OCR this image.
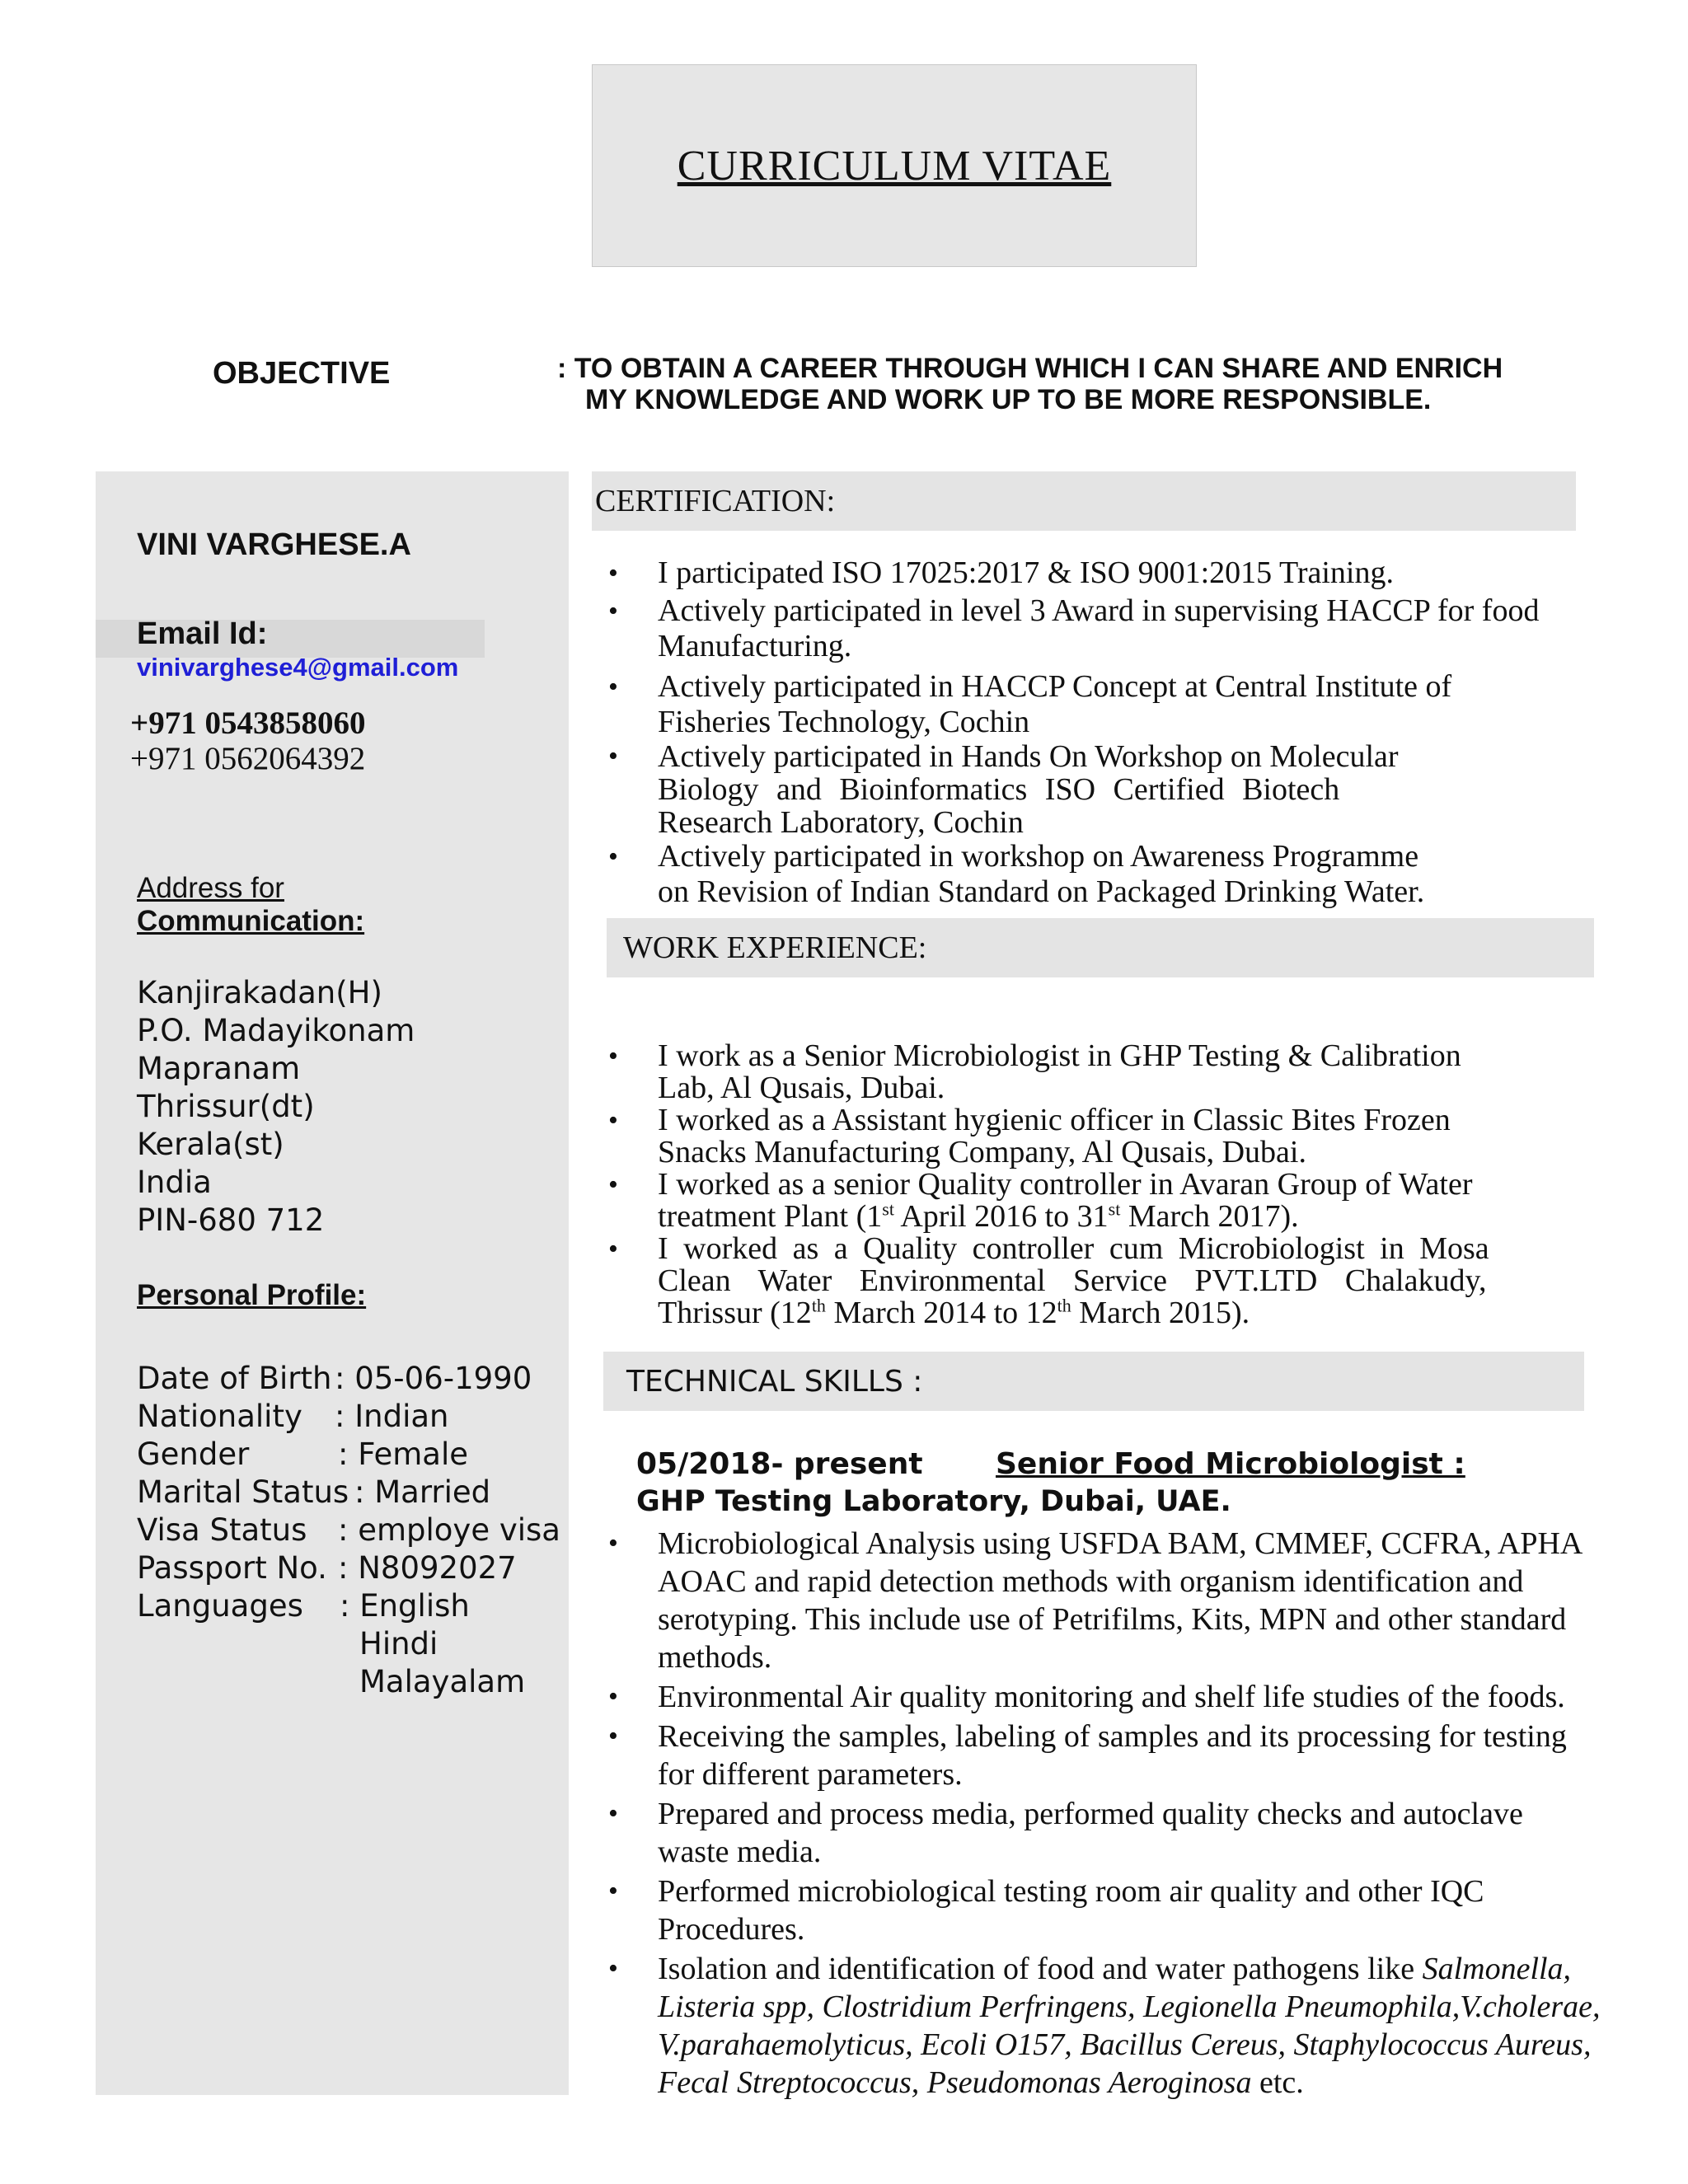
CURRICULUM VITAE
OBJECTIVE	: TO OBTAIN A CAREER THROUGH WHICH I CAN SHARE AND ENRICH
MY KNOWLEDGE AND WORK UP TO BE MORE RESPONSIBLE.
VINI VARGHESE.A
Email Id:
vinivarghese4@gmail.com
+971 0543858060
+971 0562064392
Address for
Communication:
Kanjirakadan(H)
P.O. Madayikonam
Mapranam
Thrissur(dt)
Kerala(st)
India
PIN-680 712
Personal Profile:
Date of Birth : 05-06-1990
Nationality	: Indian
Gender	: Female
Marital Status : Married
Visa Status	: employe visa
Passport No. : N8092027
Languages	: English
Hindi
Malayalam
CERTIFICATION:
• I participated ISO 17025:2017 & ISO 9001:2015 Training.
• Actively participated in level 3 Award in supervising HACCP for food
Manufacturing.
• Actively participated in HACCP Concept at Central Institute of
Fisheries Technology, Cochin
• Actively participated in Hands On Workshop on Molecular
Biology and Bioinformatics ISO Certified Biotech
Research Laboratory, Cochin
• Actively participated in workshop on Awareness Programme
on Revision of Indian Standard on Packaged Drinking Water.
WORK EXPERIENCE:
• I work as a Senior Microbiologist in GHP Testing & Calibration
Lab, Al Qusais, Dubai.
• I worked as a Assistant hygienic officer in Classic Bites Frozen
Snacks Manufacturing Company, Al Qusais, Dubai.
• I worked as a senior Quality controller in Avaran Group of Water
treatment Plant (1st April 2016 to 31st March 2017).
• I worked as a Quality controller cum Microbiologist in Mosa
Clean Water Environmental Service PVT.LTD Chalakudy,
Thrissur (12th March 2014 to 12th March 2015).
TECHNICAL SKILLS :
05/2018- present Senior Food Microbiologist :
GHP Testing Laboratory, Dubai, UAE.
• Microbiological Analysis using USFDA BAM, CMMEF, CCFRA, APHA
AOAC and rapid detection methods with organism identification and
serotyping. This include use of Petrifilms, Kits, MPN and other standard
methods.
• Environmental Air quality monitoring and shelf life studies of the foods.
• Receiving the samples, labeling of samples and its processing for testing
for different parameters.
• Prepared and process media, performed quality checks and autoclave
waste media.
• Performed microbiological testing room air quality and other IQC
Procedures.
• Isolation and identification of food and water pathogens like Salmonella,
Listeria spp, Clostridium Perfringens, Legionella Pneumophila,V.cholerae,
V.parahaemolyticus, Ecoli O157, Bacillus Cereus, Staphylococcus Aureus,
Fecal Streptococcus, Pseudomonas Aeroginosa etc.
